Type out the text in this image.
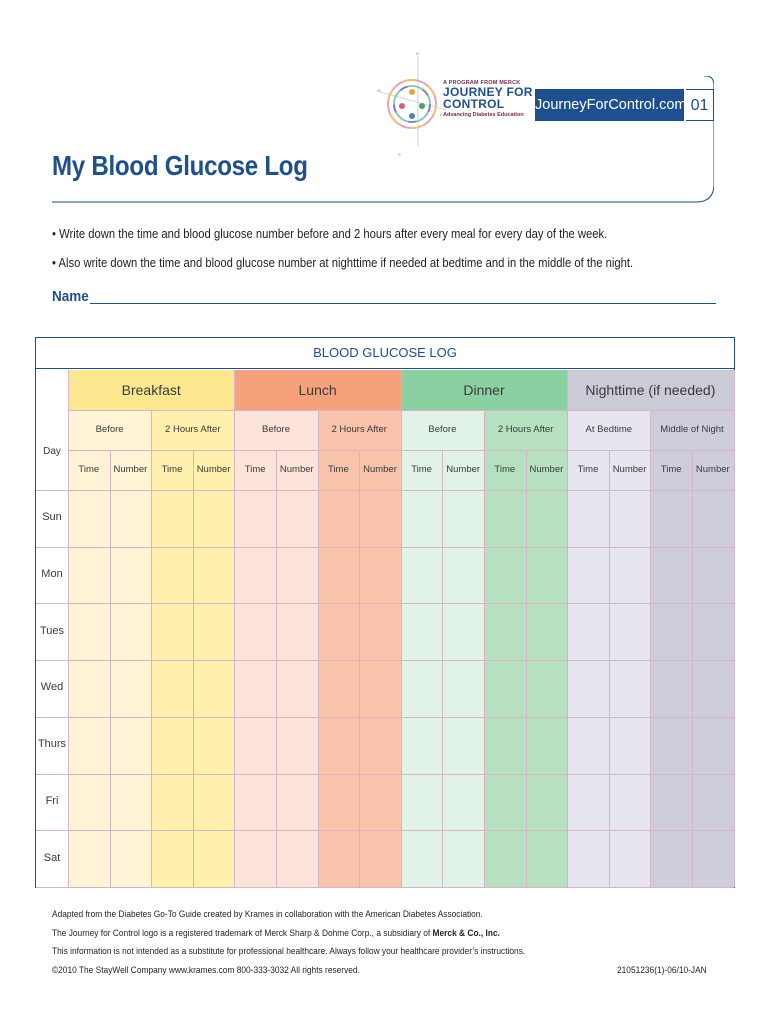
N
W
E
S
A PROGRAM FROM MERCK
JOURNEY FOR
CONTROL
Advancing Diabetes Education
JourneyForControl.com 01
My Blood Glucose Log
• Write down the time and blood glucose number before and 2 hours after every meal for every day of the week.
• Also write down the time and blood glucose number at nighttime if needed at bedtime and in the middle of the night.
Name
BLOOD GLUCOSE LOG
Breakfast
Before	2 Hours After
Lunch
Before	2 Hours After
Dinner
Before	2 Hours After
Nighttime (if needed)
At Bedtime	Middle of Night
Time	Number	Time	Number	Time	Number	Time	Number	Time	Number	Time	Number	Time	Number	Time	Number
Day
Sun
Mon
Tues
Wed
Thurs
Fri
Sat
Adapted from the Diabetes Go-To Guide created by Krames in collaboration with the American Diabetes Association.
The Journey for Control logo is a registered trademark of Merck Sharp & Dohme Corp., a subsidiary of Merck & Co., Inc.
This information is not intended as a substitute for professional healthcare. Always follow your healthcare provider’s instructions.
©2010 The StayWell Company www.krames.com 800-333-3032 All rights reserved.	21051236(1)-06/10-JAN
